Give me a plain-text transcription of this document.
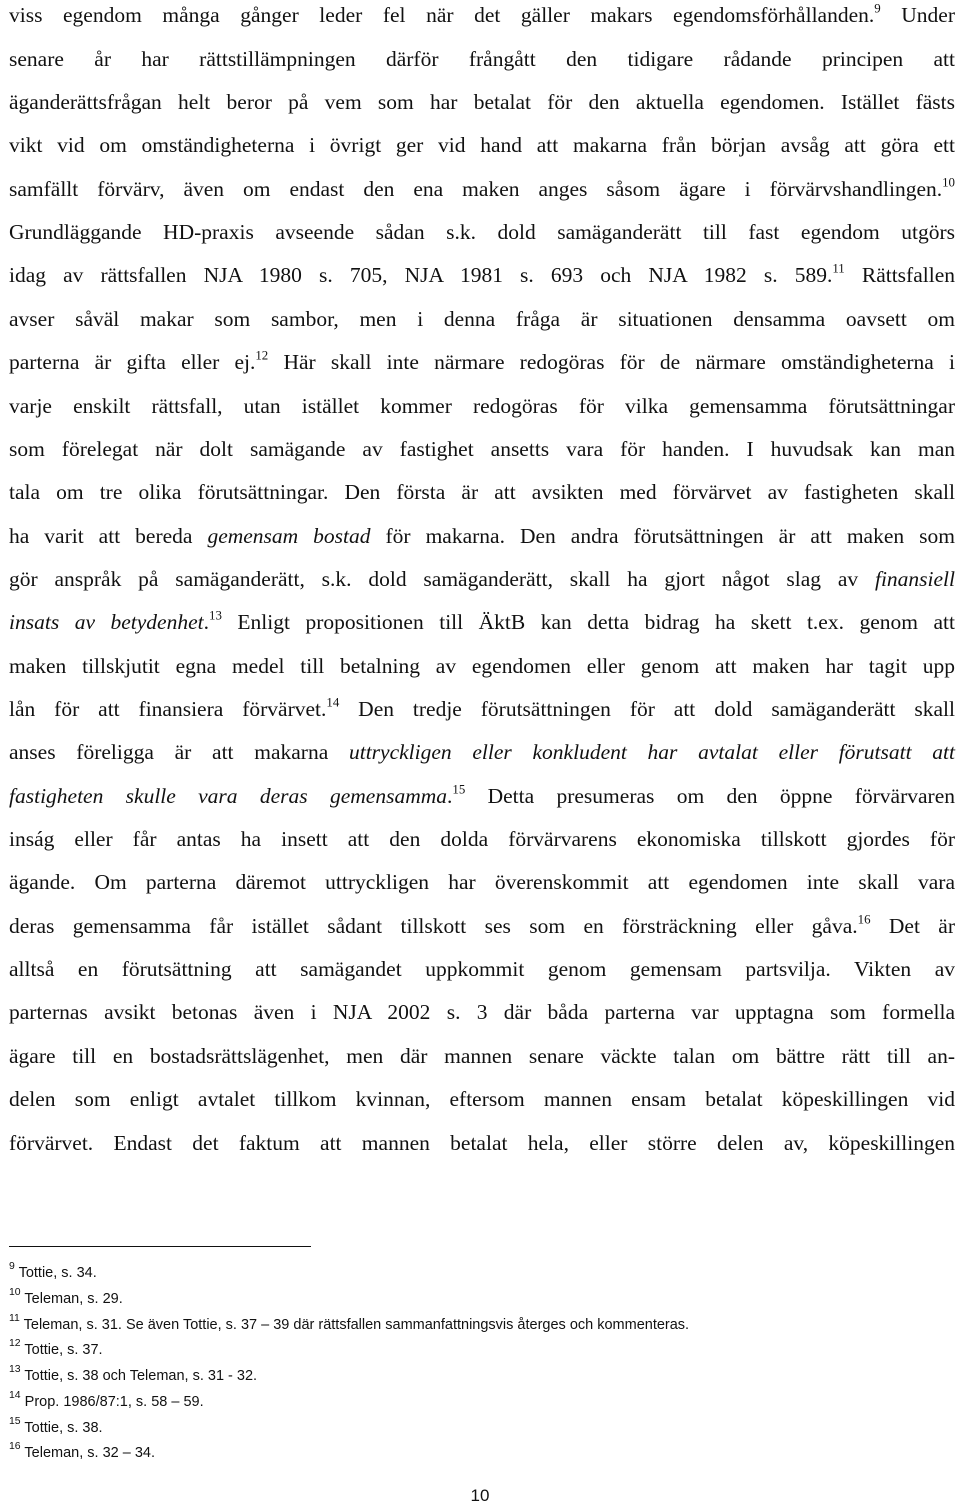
viss egendom många gånger leder fel när det gäller makars egendomsförhållanden.$^9$ Under
senare år har rättstillämpningen därför frångått den tidigare rådande principen att
äganderättsfrågan helt beror på vem som har betalat för den aktuella egendomen. Istället fästs
vikt vid om omständigheterna i övrigt ger vid hand att makarna från början avsåg att göra ett
samfällt förvärv, även om endast den ena maken anges såsom ägare i förvärvshandlingen.$^{10}$
Grundläggande HD-praxis avseende sådan s.k. dold samäganderätt till fast egendom utgörs
idag av rättsfallen NJA 1980 s. 705, NJA 1981 s. 693 och NJA 1982 s. 589.11 Rättsfallen
avser såväl makar som sambor, men i denna fråga är situationen densamma oavsett om
parterna är gifta eller ej.$^{12}$ Här skall inte närmare redogöras för de närmare omständigheterna i
varje enskilt rättsfall, utan istället kommer redogöras för vilka gemensamma förutsättningar
som förelegat när dolt samägande av fastighet ansetts vara för handen. I huvudsak kan man
tala om tre olika förutsättningar. Den första är att avsikten med förvärvet av fastigheten skall
ha varit att bereda gemensam bostad för makarna. Den andra förutsättningen är att maken som
gör anspråk på samäganderätt, s.k. dold samäganderätt, skall ha gjort något slag av finansiell
insats av betydenhet.$^{13}$ Enligt propositionen till ÄktB kan detta bidrag ha skett t.ex. genom att
maken tillskjutit egna medel till betalning av egendomen eller genom att maken har tagit upp
lån för att finansiera förvärvet.$^{14}$ Den tredje förutsättningen för att dold samäganderätt skall
anses föreligga är att makarna uttryckligen eller konkludent har avtalat eller förutsatt att
fastigheten skulle vara deras gemensamma.$^{15}$ Detta presumeras om den öppne förvärvaren
inság eller får antas ha insett att den dolda förvärvarens ekonomiska tillskott gjordes för
ägande. Om parterna däremot uttryckligen har överenskommit att egendomen inte skall vara
deras gemensamma får istället sådant tillskott ses som en försträckning eller gåva.$^{16}$ Det är
alltså en förutsättning att samägandet uppkommit genom gemensam partsvilja. Vikten av
parternas avsikt betonas även i NJA 2002 s. 3 där båda parterna var upptagna som formella
ägare till en bostadsrättslägenhet, men där mannen senare väckte talan om bättre rätt till an-
delen som enligt avtalet tillkom kvinnan, eftersom mannen ensam betalat köpeskillingen vid
förvärvet. Endast det faktum att mannen betalat hela, eller större delen av, köpeskillingen
$^9$ Tottie, s. 34.
$^{10}$ Teleman, s. 29.
$^{11}$ Teleman, s. 31. Se även Tottie, s. 37 – 39 där rättsfallen sammanfattningsvis återges och kommenteras.
$^{12}$ Tottie, s. 37.
$^{13}$ Tottie, s. 38 och Teleman, s. 31 - 32.
$^{14}$ Prop. 1986/87:1, s. 58 – 59.
$^{15}$ Tottie, s. 38.
$^{16}$ Teleman, s. 32 – 34.
10
